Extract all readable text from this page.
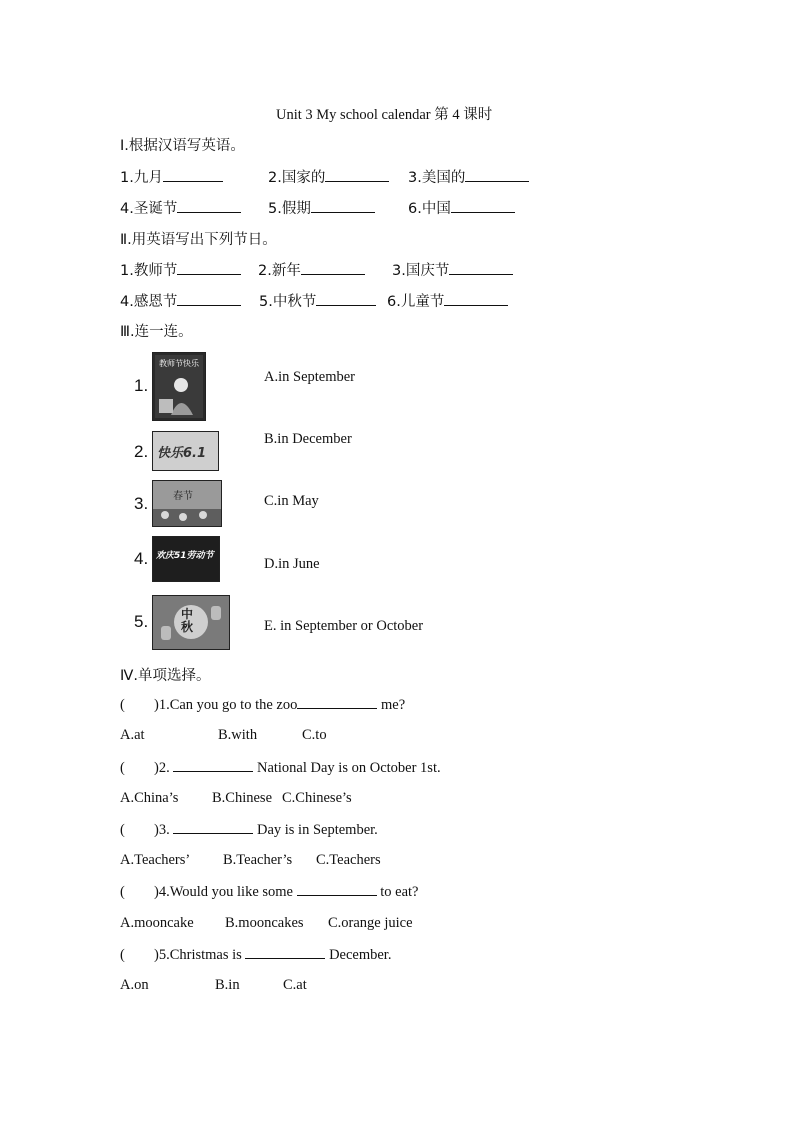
Unit 3 My school calendar 第 4 课时
Ⅰ.根据汉语写英语。
1.九月	2.国家的	3.美国的
4.圣诞节	5.假期	6.中国
Ⅱ.用英语写出下列节日。
1.教师节	2.新年	3.国庆节
4.感恩节	5.中秋节	6.儿童节
Ⅲ.连一连。
1.
教师节快乐
2. 快乐6.1
3. 春节
4. 欢庆51劳动节
5.	中秋
A.in September
B.in December
C.in May
D.in June
E. in September or October
Ⅳ.单项选择。
( )1.Can you go to the zoo	me?
A.at	B.with	C.to
( )2.	National Day is on October 1st.
A.China’s B.Chinese C.Chinese’s
( )3.	Day is in September.
A.Teachers’ B.Teacher’s C.Teachers
( )4.Would you like some	to eat?
A.mooncake B.mooncakes C.orange juice
( )5.Christmas is	December.
A.on	B.in	C.at
